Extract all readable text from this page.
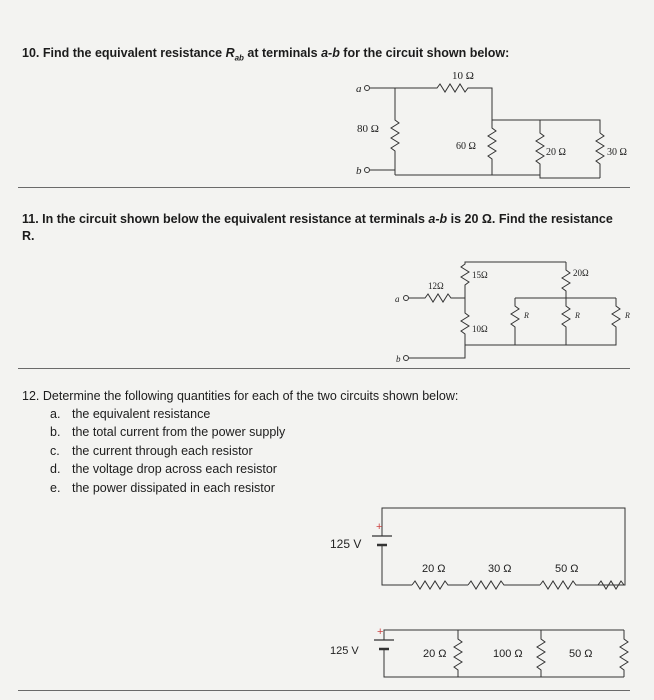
10. Find the equivalent resistance $R_{ab}$ at terminals a-b for the circuit shown below:
11. In the circuit shown below the equivalent resistance at terminals a-b is 20 Ω. Find the resistance
R.
12. Determine the following quantities for each of the two circuits shown below:
a. the equivalent resistance
b. the total current from the power supply
c. the current through each resistor
d. the voltage drop across each resistor
e. the power dissipated in each resistor
a
b
10 Ω
80 Ω
60 Ω
20 Ω	30 Ω
a
b
12Ω
15Ω
10Ω
20Ω
R	R	R
125 V
+
20 Ω	30 Ω	50 Ω
125 V
+
20 Ω	100 Ω	50 Ω
